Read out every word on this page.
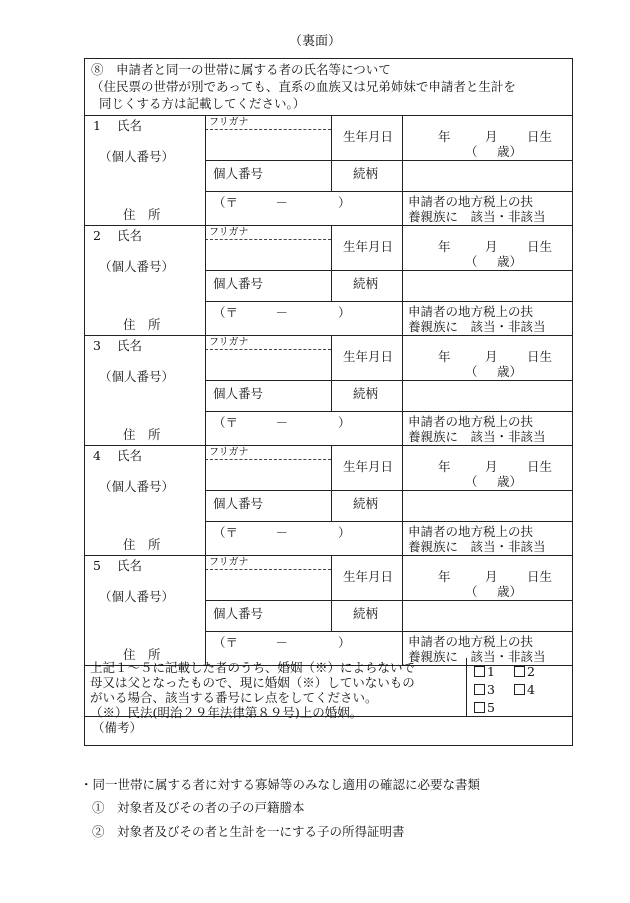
（裏面）
⑧　申請者と同一の世帯に属する者の氏名等について
（住民票の世帯が別であっても、直系の血族又は兄弟姉妹で申請者と生計を
同じくする方は記載してください。）
1 氏名
（個人番号）
フリガナ
生年月日	年	月 日生
（ 歳）
個人番号	続柄
住　所
（〒　　　－　　　　）	申請者の地方税上の扶
養親族に　該当・非該当
2 氏名
（個人番号）
フリガナ
生年月日	年	月 日生
（ 歳）
個人番号	続柄
住　所
（〒　　　－　　　　）	申請者の地方税上の扶
養親族に　該当・非該当
3 氏名
（個人番号）
フリガナ
生年月日	年	月 日生
（ 歳）
個人番号	続柄
住　所
（〒　　　－　　　　）	申請者の地方税上の扶
養親族に　該当・非該当
4 氏名
（個人番号）
フリガナ
生年月日	年	月 日生
（ 歳）
個人番号	続柄
住　所
（〒　　　－　　　　）	申請者の地方税上の扶
養親族に　該当・非該当
5 氏名
（個人番号）
フリガナ
生年月日	年	月 日生
（ 歳）
個人番号	続柄
住　所
（〒　　　－　　　　）	申請者の地方税上の扶
養親族に　該当・非該当
上記１～５に記載した者のうち、婚姻（※）によらないで
母又は父となったもので、現に婚姻（※）していないもの
がいる場合、該当する番号にレ点をしてください。
（※）民法(明治２９年法律第８９号)上の婚姻。
1	2
3	4
5
（備考）
・同一世帯に属する者に対する寡婦等のみなし適用の確認に必要な書類
①　対象者及びその者の子の戸籍謄本
②　対象者及びその者と生計を一にする子の所得証明書
